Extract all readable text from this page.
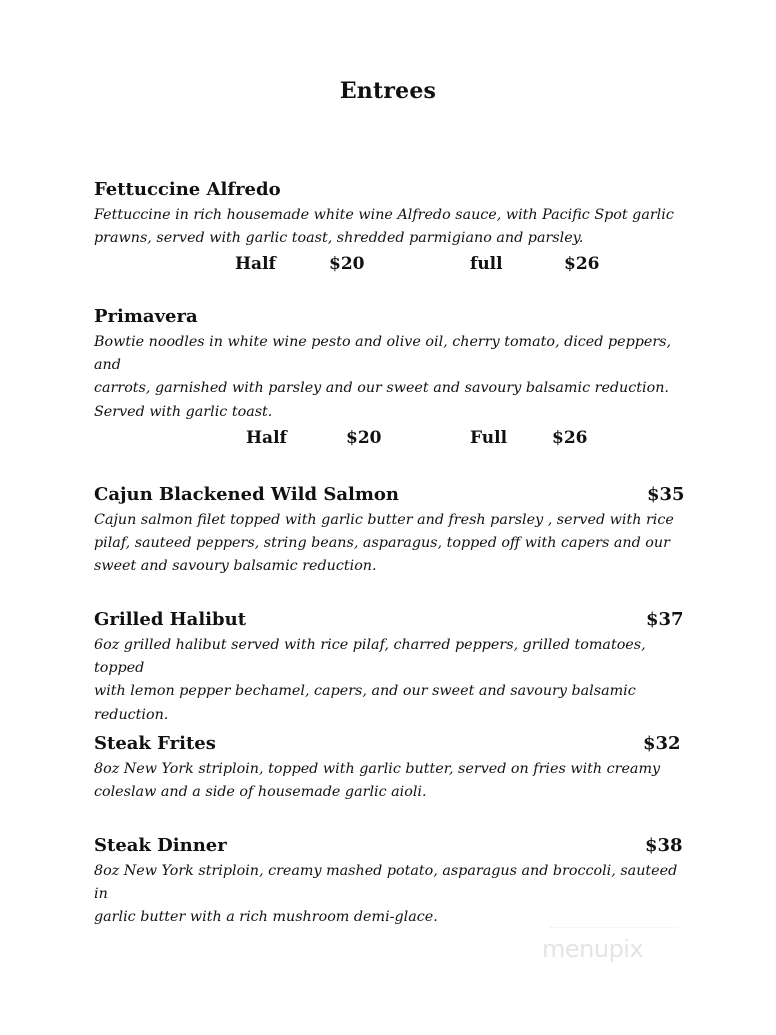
Entrees
Fettuccine Alfredo
Fettuccine in rich housemade white wine Alfredo sauce, with Pacific Spot garlic
prawns, served with garlic toast, shredded parmigiano and parsley.
Half	$20	full	$26
Primavera
Bowtie noodles in white wine pesto and olive oil, cherry tomato, diced peppers, and
carrots, garnished with parsley and our sweet and savoury balsamic reduction.
Served with garlic toast.
Half	$20	Full	$26
Cajun Blackened Wild Salmon	$35
Cajun salmon filet topped with garlic butter and fresh parsley , served with rice
pilaf, sauteed peppers, string beans, asparagus, topped off with capers and our
sweet and savoury balsamic reduction.
Grilled Halibut	$37
6oz grilled halibut served with rice pilaf, charred peppers, grilled tomatoes, topped
with lemon pepper bechamel, capers, and our sweet and savoury balsamic
reduction.
Steak Frites	$32
8oz New York striploin, topped with garlic butter, served on fries with creamy
coleslaw and a side of housemade garlic aioli.
Steak Dinner	$38
8oz New York striploin, creamy mashed potato, asparagus and broccoli, sauteed in
garlic butter with a rich mushroom demi-glace.
menupix
